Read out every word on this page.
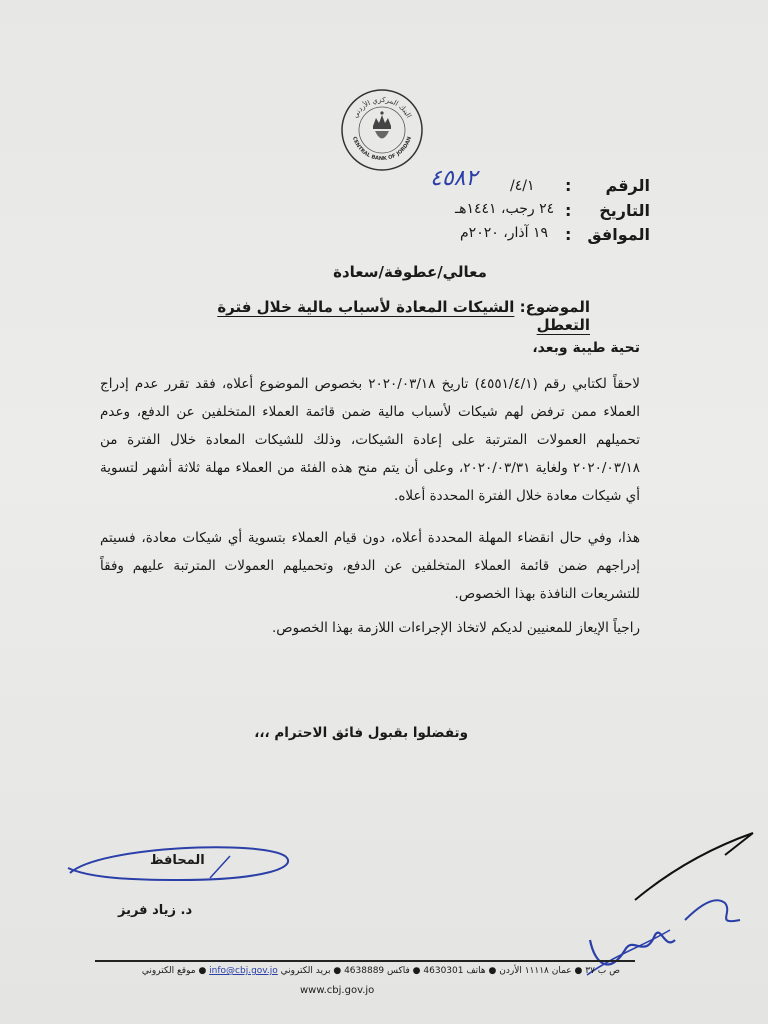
البنك المركزي الأردني
CENTRAL BANK OF JORDAN
الرقم
:
٤/١/
٤٥٨٢
التاريخ
:
٢٤ رجب، ١٤٤١هـ
الموافق
:
١٩ آذار، ٢٠٢٠م
معالي/عطوفة/سعادة
الموضوع: الشيكات المعادة لأسباب مالية خلال فترة التعطل
تحية طيبة وبعد،
لاحقاً لكتابي رقم (٤٥٥١/٤/١) تاريخ ٢٠٢٠/٠٣/١٨ بخصوص الموضوع أعلاه، فقد تقرر عدم إدراج العملاء ممن ترفض لهم شيكات لأسباب مالية ضمن قائمة العملاء المتخلفين عن الدفع، وعدم تحميلهم العمولات المترتبة على إعادة الشيكات، وذلك للشيكات المعادة خلال الفترة من ٢٠٢٠/٠٣/١٨ ولغاية ٢٠٢٠/٠٣/٣١، وعلى أن يتم منح هذه الفئة من العملاء مهلة ثلاثة أشهر لتسوية أي شيكات معادة خلال الفترة المحددة أعلاه.
هذا، وفي حال انقضاء المهلة المحددة أعلاه، دون قيام العملاء بتسوية أي شيكات معادة، فسيتم إدراجهم ضمن قائمة العملاء المتخلفين عن الدفع، وتحميلهم العمولات المترتبة عليهم وفقاً للتشريعات النافذة بهذا الخصوص.
راجياً الإيعاز للمعنيين لديكم لاتخاذ الإجراءات اللازمة بهذا الخصوص.
وتفضلوا بقبول فائق الاحترام ،،،
المحافظ
د. زياد فريز
ص ب ٣٧ ● عمان ١١١١٨ الأردن ● هاتف 4630301 ● فاكس 4638889 ● بريد الكتروني info@cbj.gov.jo ● موقع الكتروني
www.cbj.gov.jo
